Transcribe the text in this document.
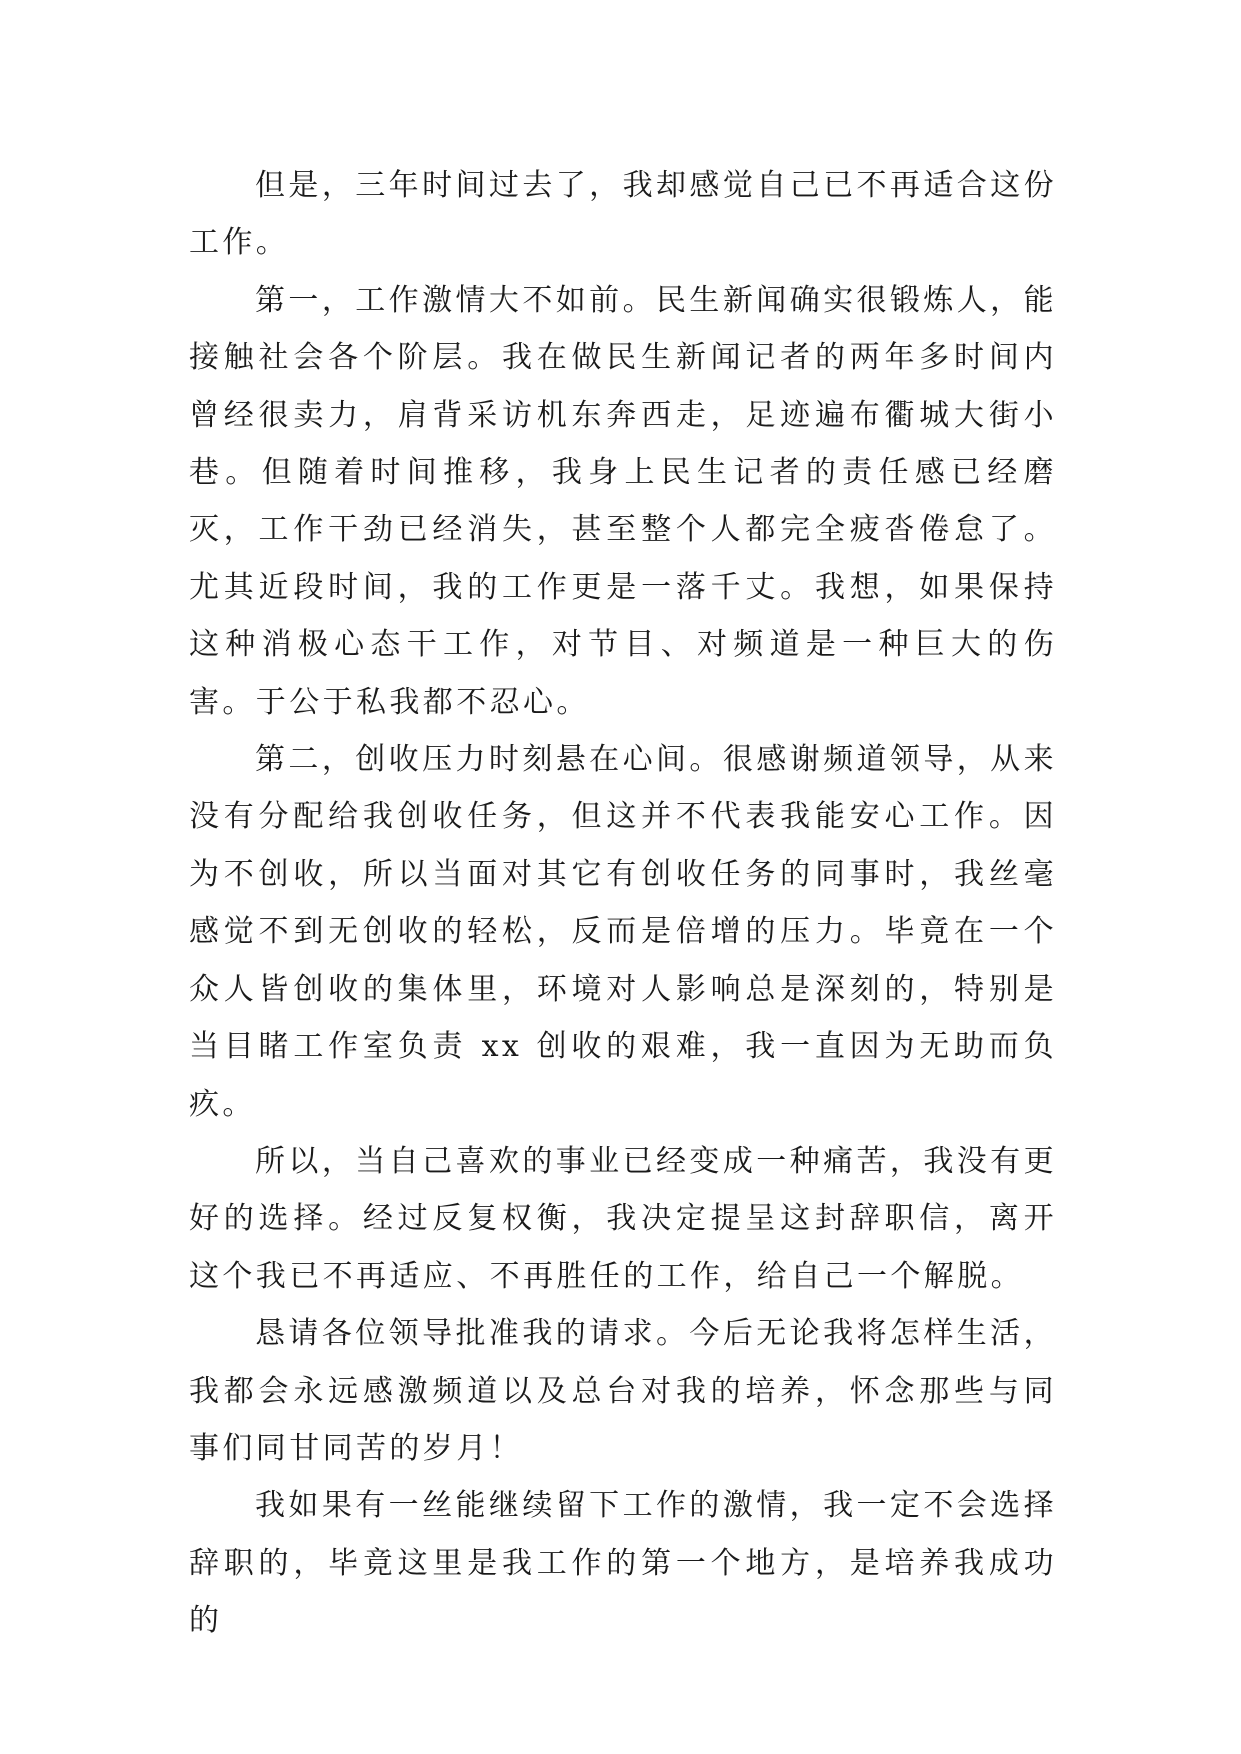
但是，三年时间过去了，我却感觉自己已不再适合这份工作。

第一，工作激情大不如前。民生新闻确实很锻炼人，能接触社会各个阶层。我在做民生新闻记者的两年多时间内曾经很卖力，肩背采访机东奔西走，足迹遍布衢城大街小巷。但随着时间推移，我身上民生记者的责任感已经磨灭，工作干劲已经消失，甚至整个人都完全疲沓倦怠了。尤其近段时间，我的工作更是一落千丈。我想，如果保持这种消极心态干工作，对节目、对频道是一种巨大的伤害。于公于私我都不忍心。

第二，创收压力时刻悬在心间。很感谢频道领导，从来没有分配给我创收任务，但这并不代表我能安心工作。因为不创收，所以当面对其它有创收任务的同事时，我丝毫感觉不到无创收的轻松，反而是倍增的压力。毕竟在一个众人皆创收的集体里，环境对人影响总是深刻的，特别是当目睹工作室负责 xx 创收的艰难，我一直因为无助而负疚。

所以，当自己喜欢的事业已经变成一种痛苦，我没有更好的选择。经过反复权衡，我决定提呈这封辞职信，离开这个我已不再适应、不再胜任的工作，给自己一个解脱。

恳请各位领导批准我的请求。今后无论我将怎样生活，我都会永远感激频道以及总台对我的培养，怀念那些与同事们同甘同苦的岁月！

我如果有一丝能继续留下工作的激情，我一定不会选择辞职的，毕竟这里是我工作的第一个地方，是培养我成功的
